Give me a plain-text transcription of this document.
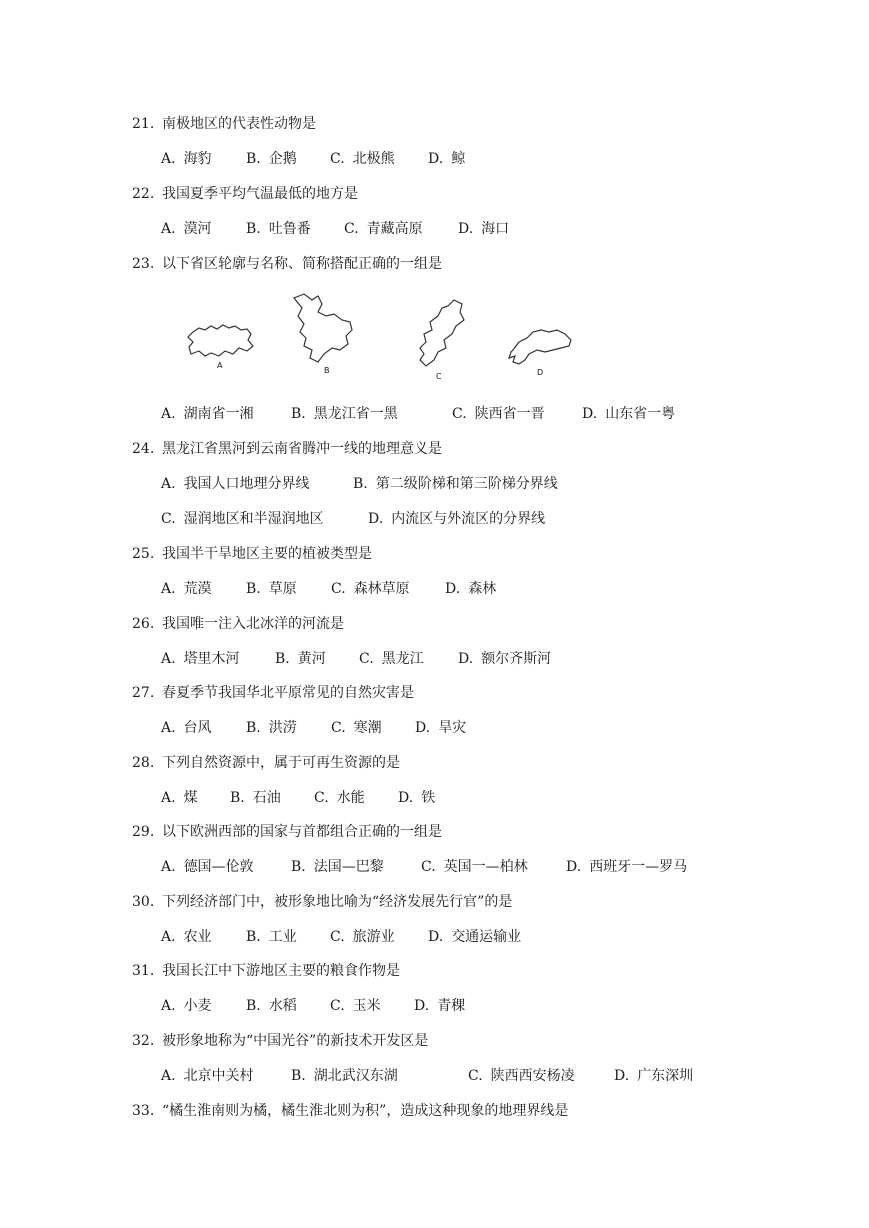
21. 南极地区的代表性动物是
A. 海豹 B. 企鹅 C. 北极熊 D. 鲸
22. 我国夏季平均气温最低的地方是
A. 漠河 B. 吐鲁番 C. 青藏高原	D. 海口
23. 以下省区轮廓与名称、简称搭配正确的一组是
A
B
C	D
A. 湖南省一湘	B. 黑龙江省一黑	C. 陕西省一晋	D. 山东省一粤
24. 黑龙江省黑河到云南省腾冲一线的地理意义是
A. 我国人口地理分界线	B. 第二级阶梯和第三阶梯分界线
C. 湿润地区和半湿润地区	D. 内流区与外流区的分界线
25. 我国半干旱地区主要的植被类型是
A. 荒漠 B. 草原 C. 森林草原	D. 森林
26. 我国唯一注入北冰洋的河流是
A. 塔里木河	B. 黄河 C. 黑龙江 D. 额尔齐斯河
27. 春夏季节我国华北平原常见的自然灾害是
A. 台风 B. 洪涝 C. 寒潮 D. 旱灾
28. 下列自然资源中，属于可再生资源的是
A. 煤 B. 石油 C. 水能 D. 铁
29. 以下欧洲西部的国家与首都组合正确的一组是
A. 德国—伦敦	B. 法国—巴黎	C. 英国一—柏林	D. 西班牙一—罗马
30. 下列经济部门中，被形象地比喻为“经济发展先行官”的是
A. 农业 B. 工业 C. 旅游业 D. 交通运输业
31. 我国长江中下游地区主要的粮食作物是
A. 小麦 B. 水稻 C. 玉米 D. 青稞
32. 被形象地称为“中国光谷”的新技术开发区是
A. 北京中关村	B. 湖北武汉东湖	C. 陕西西安杨凌	D. 广东深圳
33. “橘生淮南则为橘，橘生淮北则为积”，造成这种现象的地理界线是
